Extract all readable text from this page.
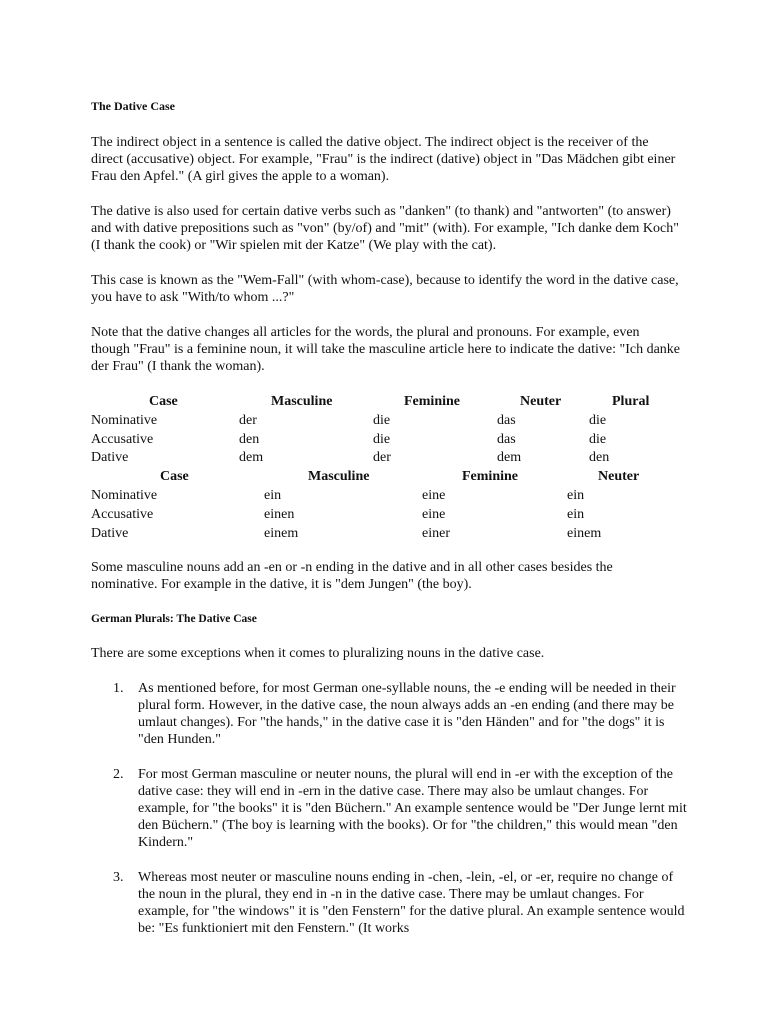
The Dative Case

The indirect object in a sentence is called the dative object. The indirect object is the receiver of the direct (accusative) object. For example, "Frau" is the indirect (dative) object in "Das Mädchen gibt einer Frau den Apfel." (A girl gives the apple to a woman).

The dative is also used for certain dative verbs such as "danken" (to thank) and "antworten" (to answer) and with dative prepositions such as "von" (by/of) and "mit" (with). For example, "Ich danke dem Koch" (I thank the cook) or "Wir spielen mit der Katze" (We play with the cat).

This case is known as the "Wem-Fall" (with whom-case), because to identify the word in the dative case, you have to ask "With/to whom ...?"

Note that the dative changes all articles for the words, the plural and pronouns. For example, even though "Frau" is a feminine noun, it will take the masculine article here to indicate the dative: "Ich danke der Frau" (I thank the woman).

Case	Masculine	Feminine	Neuter	Plural
Nominative	der	die	das	die
Accusative	den	die	das	die
Dative	dem	der	dem	den
Case	Masculine	Feminine	Neuter
Nominative	ein	eine	ein
Accusative	einen	eine	ein
Dative	einem	einer	einem

Some masculine nouns add an -en or -n ending in the dative and in all other cases besides the nominative. For example in the dative, it is "dem Jungen" (the boy).

German Plurals: The Dative Case

There are some exceptions when it comes to pluralizing nouns in the dative case.

1. As mentioned before, for most German one-syllable nouns, the -e ending will be needed in their plural form. However, in the dative case, the noun always adds an -en ending (and there may be umlaut changes). For "the hands," in the dative case it is "den Händen" and for "the dogs" it is "den Hunden."
2. For most German masculine or neuter nouns, the plural will end in -er with the exception of the dative case: they will end in -ern in the dative case. There may also be umlaut changes. For example, for "the books" it is "den Büchern." An example sentence would be "Der Junge lernt mit den Büchern." (The boy is learning with the books). Or for "the children," this would mean "den Kindern."
3. Whereas most neuter or masculine nouns ending in -chen, -lein, -el, or -er, require no change of the noun in the plural, they end in -n in the dative case. There may be umlaut changes. For example, for "the windows" it is "den Fenstern" for the dative plural. An example sentence would be: "Es funktioniert mit den Fenstern." (It works
